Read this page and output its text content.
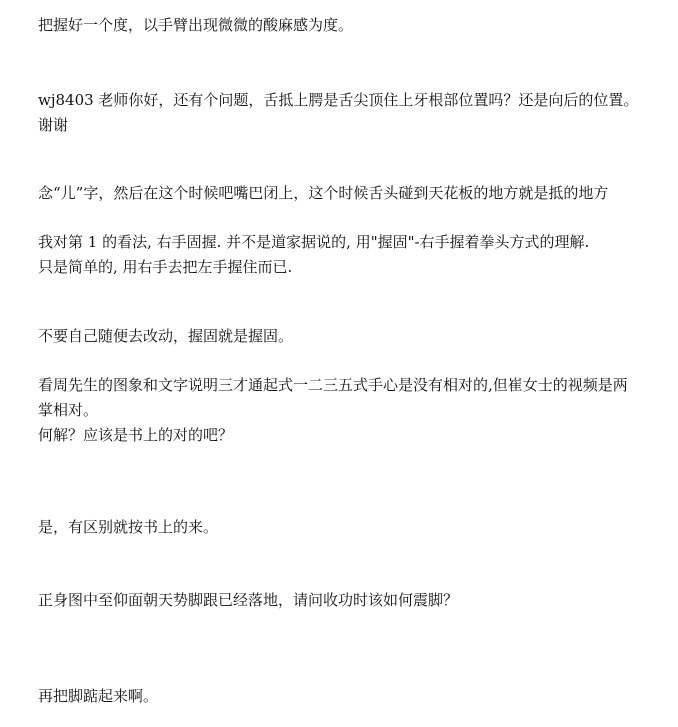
把握好一个度，以手臂出现微微的酸麻感为度。
wj8403 老师你好，还有个问题，舌抵上腭是舌尖顶住上牙根部位置吗？还是向后的位置。
谢谢
念“儿”字，然后在这个时候吧嘴巴闭上，这个时候舌头碰到天花板的地方就是抵的地方
我对第 1 的看法, 右手固握. 并不是道家据说的, 用"握固"-右手握着拳头方式的理解.
只是简单的, 用右手去把左手握住而已.
不要自己随便去改动，握固就是握固。
看周先生的图象和文字说明三才通起式一二三五式手心是没有相对的,但崔女士的视频是两
掌相对。
何解？应该是书上的对的吧？
是，有区别就按书上的来。
正身图中至仰面朝天势脚跟已经落地，请问收功时该如何震脚？
再把脚踮起来啊。
